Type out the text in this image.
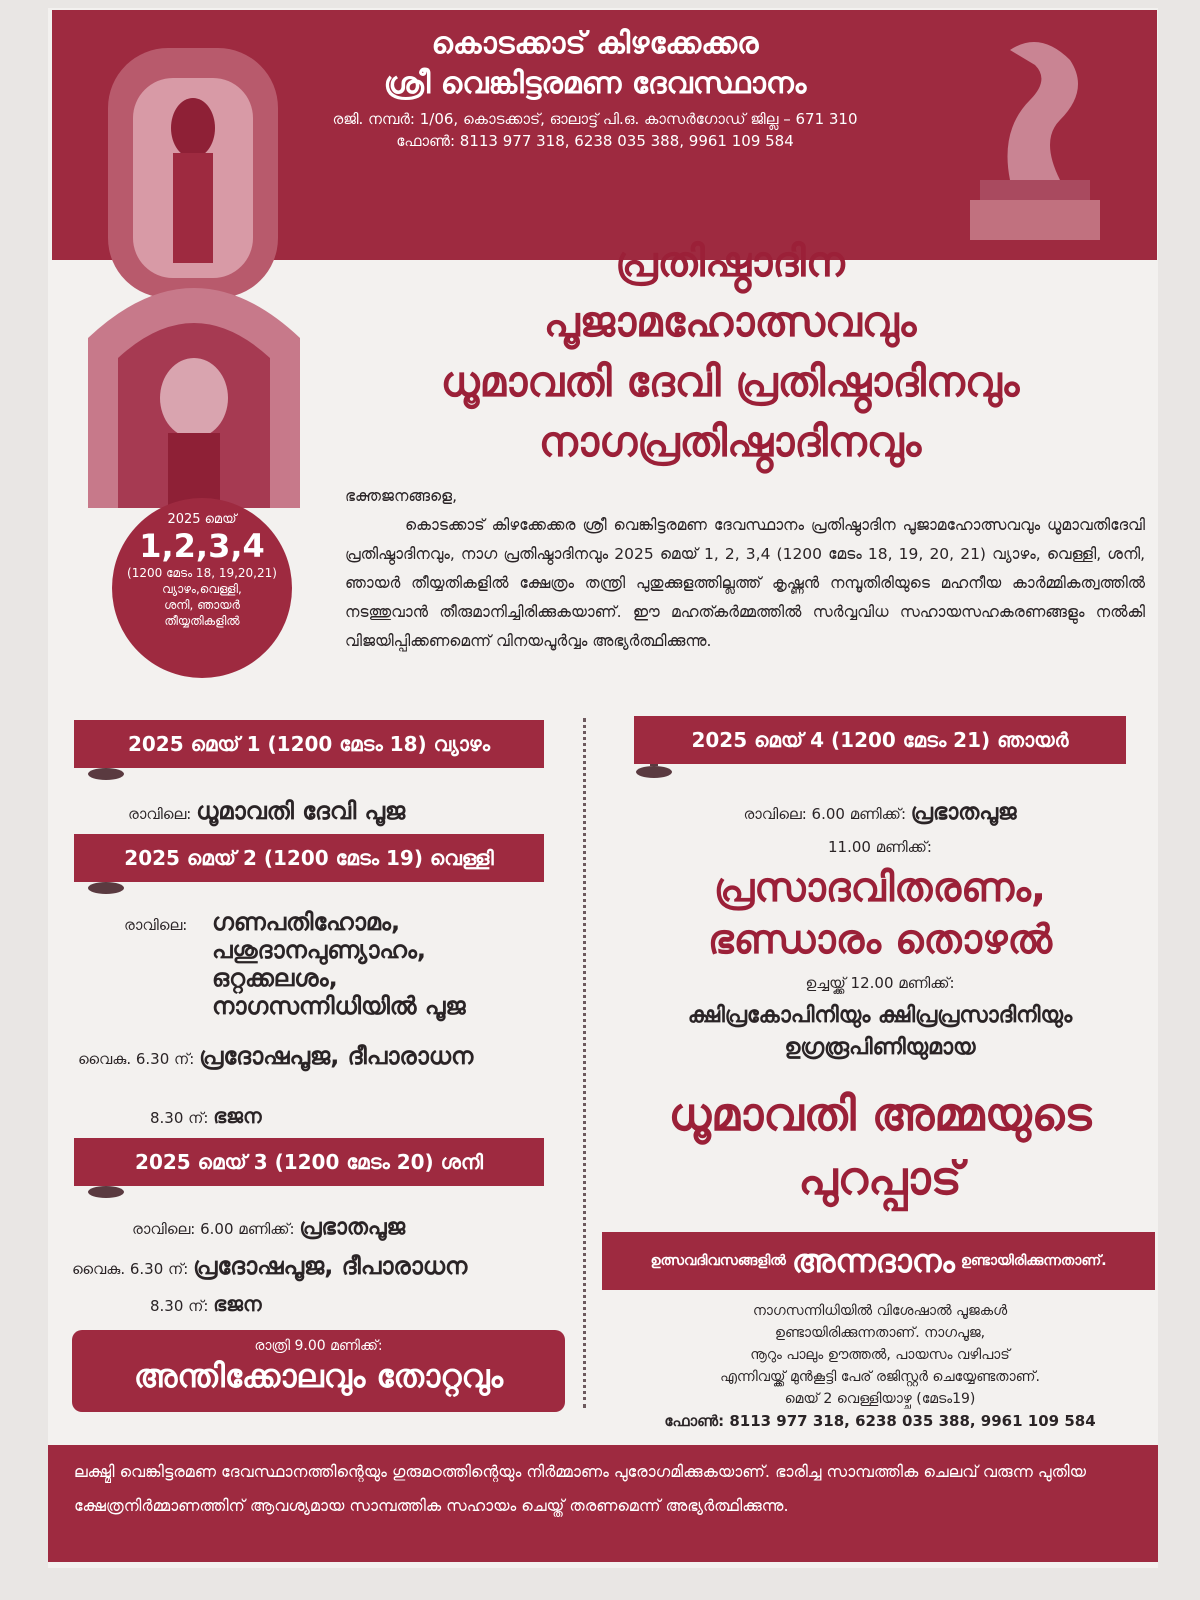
കൊടക്കാട് കിഴക്കേക്കര
ശ്രീ വെങ്കിട്ടരമണ ദേവസ്ഥാനം
രജി. നമ്പർ: 1/06, കൊടക്കാട്, ഓലാട്ട് പി.ഒ. കാസർഗോഡ് ജില്ല – 671 310
ഫോൺ: 8113 977 318, 6238 035 388, 9961 109 584
പ്രതിഷ്ഠാദിന
പൂജാമഹോത്സവവും
ധൂമാവതി ദേവി പ്രതിഷ്ഠാദിനവും
നാഗപ്രതിഷ്ഠാദിനവും
2025 മെയ്
1,2,3,4
(1200 മേടം 18, 19,20,21)
വ്യാഴം,വെള്ളി,
ശനി, ഞായർ
തീയ്യതികളിൽ
ഭക്തജനങ്ങളെ,
കൊടക്കാട് കിഴക്കേക്കര ശ്രീ വെങ്കിട്ടരമണ ദേവസ്ഥാനം പ്രതിഷ്ഠാദിന പൂജാമഹോത്സവവും ധൂമാവതിദേവി പ്രതിഷ്ഠാദിനവും, നാഗ പ്രതിഷ്ഠാദിനവും 2025 മെയ് 1, 2, 3,4 (1200 മേടം 18, 19, 20, 21) വ്യാഴം, വെള്ളി, ശനി, ഞായർ തീയ്യതികളിൽ ക്ഷേത്രം തന്ത്രി പുതുക്കുളത്തില്ലത്ത് കൃഷ്ണൻ നമ്പൂതിരിയുടെ മഹനീയ കാർമ്മികത്വത്തിൽ നടത്തുവാൻ തീരുമാനിച്ചിരിക്കുകയാണ്. ഈ മഹത്കർമ്മത്തിൽ സർവ്വവിധ സഹായസഹകരണങ്ങളും നൽകി വിജയിപ്പിക്കണമെന്ന് വിനയപൂർവ്വം അഭ്യർത്ഥിക്കുന്നു.
2025 മെയ് 1 (1200 മേടം 18) വ്യാഴം
രാവിലെ: ധൂമാവതി ദേവി പൂജ
2025 മെയ് 2 (1200 മേടം 19) വെള്ളി
രാവിലെ: ഗണപതിഹോമം,
പശുദാനപുണ്യാഹം,
ഒറ്റക്കലശം,
നാഗസന്നിധിയിൽ പൂജ
വൈകു. 6.30 ന്: പ്രദോഷപൂജ, ദീപാരാധന
8.30 ന്: ഭജന
2025 മെയ് 3 (1200 മേടം 20) ശനി
രാവിലെ: 6.00 മണിക്ക്: പ്രഭാതപൂജ
വൈകു. 6.30 ന്: പ്രദോഷപൂജ, ദീപാരാധന
8.30 ന്: ഭജന
രാത്രി 9.00 മണിക്ക്:
അന്തിക്കോലവും തോറ്റവും
2025 മെയ് 4 (1200 മേടം 21) ഞായർ
രാവിലെ: 6.00 മണിക്ക്: പ്രഭാതപൂജ
11.00 മണിക്ക്:
പ്രസാദവിതരണം,
ഭണ്ഡാരം തൊഴൽ
ഉച്ചയ്ക്ക് 12.00 മണിക്ക്:
ക്ഷിപ്രകോപിനിയും ക്ഷിപ്രപ്രസാദിനിയും
ഉഗ്രരൂപിണിയുമായ
ധൂമാവതി അമ്മയുടെ
പുറപ്പാട്
ഉത്സവദിവസങ്ങളിൽ അന്നദാനം ഉണ്ടായിരിക്കുന്നതാണ്.
നാഗസന്നിധിയിൽ വിശേഷാൽ പൂജകൾ
ഉണ്ടായിരിക്കുന്നതാണ്. നാഗപൂജ,
നൂറും പാലും ഊത്തൽ, പായസം വഴിപാട്
എന്നിവയ്ക്ക് മുൻകൂട്ടി പേര് രജിസ്റ്റർ ചെയ്യേണ്ടതാണ്.
മെയ് 2 വെള്ളിയാഴ്ച (മേടം19)
ഫോൺ: 8113 977 318, 6238 035 388, 9961 109 584
ലക്ഷ്മി വെങ്കിട്ടരമണ ദേവസ്ഥാനത്തിന്റെയും ഗുരുമഠത്തിന്റെയും നിർമ്മാണം പുരോഗമിക്കുകയാണ്. ഭാരിച്ച സാമ്പത്തിക ചെലവ് വരുന്ന പുതിയ ക്ഷേത്രനിർമ്മാണത്തിന് ആവശ്യമായ സാമ്പത്തിക സഹായം ചെയ്ത് തരണമെന്ന് അഭ്യർത്ഥിക്കുന്നു.
